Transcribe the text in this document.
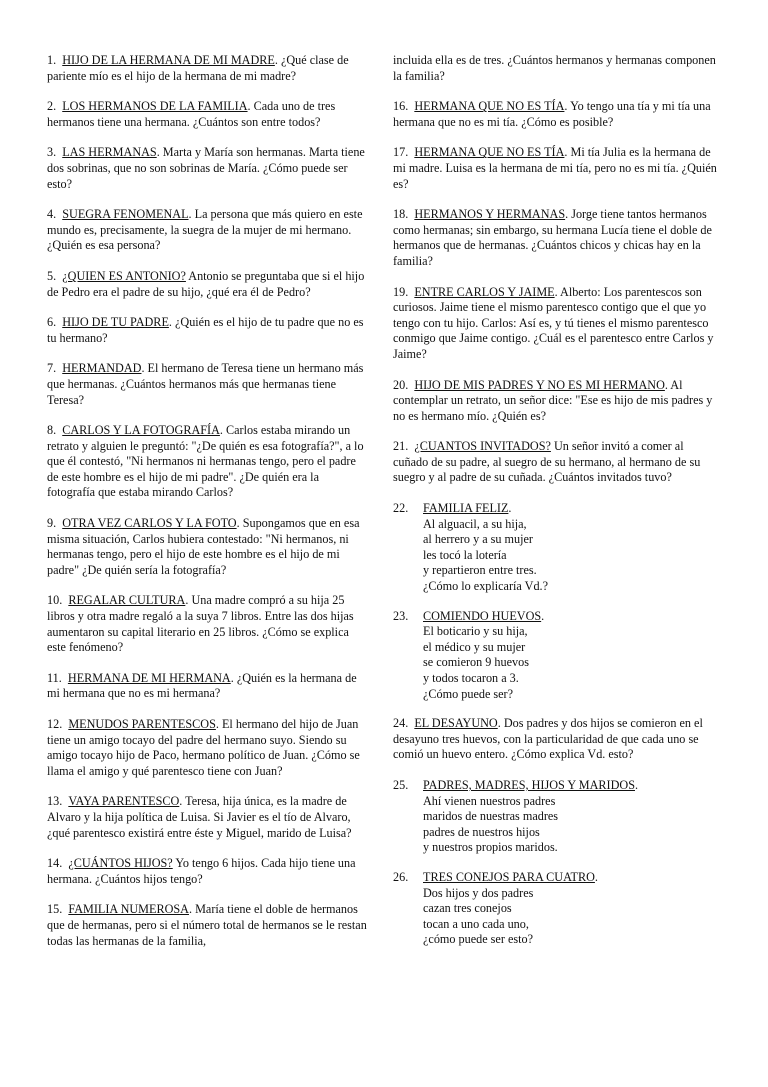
1. HIJO DE LA HERMANA DE MI MADRE. ¿Qué clase de pariente mío es el hijo de la hermana de mi madre?

2. LOS HERMANOS DE LA FAMILIA. Cada uno de tres hermanos tiene una hermana. ¿Cuántos son entre todos?

3. LAS HERMANAS. Marta y María son hermanas. Marta tiene dos sobrinas, que no son sobrinas de María. ¿Cómo puede ser esto?

4. SUEGRA FENOMENAL. La persona que más quiero en este mundo es, precisamente, la suegra de la mujer de mi hermano. ¿Quién es esa persona?

5. ¿QUIEN ES ANTONIO? Antonio se preguntaba que si el hijo de Pedro era el padre de su hijo, ¿qué era él de Pedro?

6. HIJO DE TU PADRE. ¿Quién es el hijo de tu padre que no es tu hermano?

7. HERMANDAD. El hermano de Teresa tiene un hermano más que hermanas. ¿Cuántos hermanos más que hermanas tiene Teresa?

8. CARLOS Y LA FOTOGRAFÍA. Carlos estaba mirando un retrato y alguien le preguntó: "¿De quién es esa fotografía?", a lo que él contestó, "Ni hermanos ni hermanas tengo, pero el padre de este hombre es el hijo de mi padre". ¿De quién era la fotografía que estaba mirando Carlos?

9. OTRA VEZ CARLOS Y LA FOTO. Supongamos que en esa misma situación, Carlos hubiera contestado: "Ni hermanos, ni hermanas tengo, pero el hijo de este hombre es el hijo de mi padre" ¿De quién sería la fotografía?

10. REGALAR CULTURA. Una madre compró a su hija 25 libros y otra madre regaló a la suya 7 libros. Entre las dos hijas aumentaron su capital literario en 25 libros. ¿Cómo se explica este fenómeno?

11. HERMANA DE MI HERMANA. ¿Quién es la hermana de mi hermana que no es mi hermana?

12. MENUDOS PARENTESCOS. El hermano del hijo de Juan tiene un amigo tocayo del padre del hermano suyo. Siendo su amigo tocayo hijo de Paco, hermano político de Juan. ¿Cómo se llama el amigo y qué parentesco tiene con Juan?

13. VAYA PARENTESCO. Teresa, hija única, es la madre de Alvaro y la hija política de Luisa. Si Javier es el tío de Alvaro, ¿qué parentesco existirá entre éste y Miguel, marido de Luisa?

14. ¿CUÁNTOS HIJOS? Yo tengo 6 hijos. Cada hijo tiene una hermana. ¿Cuántos hijos tengo?

15. FAMILIA NUMEROSA. María tiene el doble de hermanos que de hermanas, pero si el número total de hermanos se le restan todas las hermanas de la familia,

incluida ella es de tres. ¿Cuántos hermanos y hermanas componen la familia?

16. HERMANA QUE NO ES TÍA. Yo tengo una tía y mi tía una hermana que no es mi tía. ¿Cómo es posible?

17. HERMANA QUE NO ES TÍA. Mi tía Julia es la hermana de mi madre. Luisa es la hermana de mi tía, pero no es mi tía. ¿Quién es?

18. HERMANOS Y HERMANAS. Jorge tiene tantos hermanos como hermanas; sin embargo, su hermana Lucía tiene el doble de hermanos que de hermanas. ¿Cuántos chicos y chicas hay en la familia?

19. ENTRE CARLOS Y JAIME. Alberto: Los parentescos son curiosos. Jaime tiene el mismo parentesco contigo que el que yo tengo con tu hijo. Carlos: Así es, y tú tienes el mismo parentesco conmigo que Jaime contigo. ¿Cuál es el parentesco entre Carlos y Jaime?

20. HIJO DE MIS PADRES Y NO ES MI HERMANO. Al contemplar un retrato, un señor dice: "Ese es hijo de mis padres y no es hermano mío. ¿Quién es?

21. ¿CUANTOS INVITADOS? Un señor invitó a comer al cuñado de su padre, al suegro de su hermano, al hermano de su suegro y al padre de su cuñada. ¿Cuántos invitados tuvo?

22.	FAMILIA FELIZ.
Al alguacil, a su hija,
al herrero y a su mujer
les tocó la lotería
y repartieron entre tres.
¿Cómo lo explicaría Vd.?
23.	COMIENDO HUEVOS.
El boticario y su hija,
el médico y su mujer
se comieron 9 huevos
y todos tocaron a 3.
¿Cómo puede ser?

24. EL DESAYUNO. Dos padres y dos hijos se comieron en el desayuno tres huevos, con la particularidad de que cada uno se comió un huevo entero. ¿Cómo explica Vd. esto?

25.	PADRES, MADRES, HIJOS Y MARIDOS.
Ahí vienen nuestros padres
maridos de nuestras madres
padres de nuestros hijos
y nuestros propios maridos.
26.	TRES CONEJOS PARA CUATRO.
Dos hijos y dos padres
cazan tres conejos
tocan a uno cada uno,
¿cómo puede ser esto?
